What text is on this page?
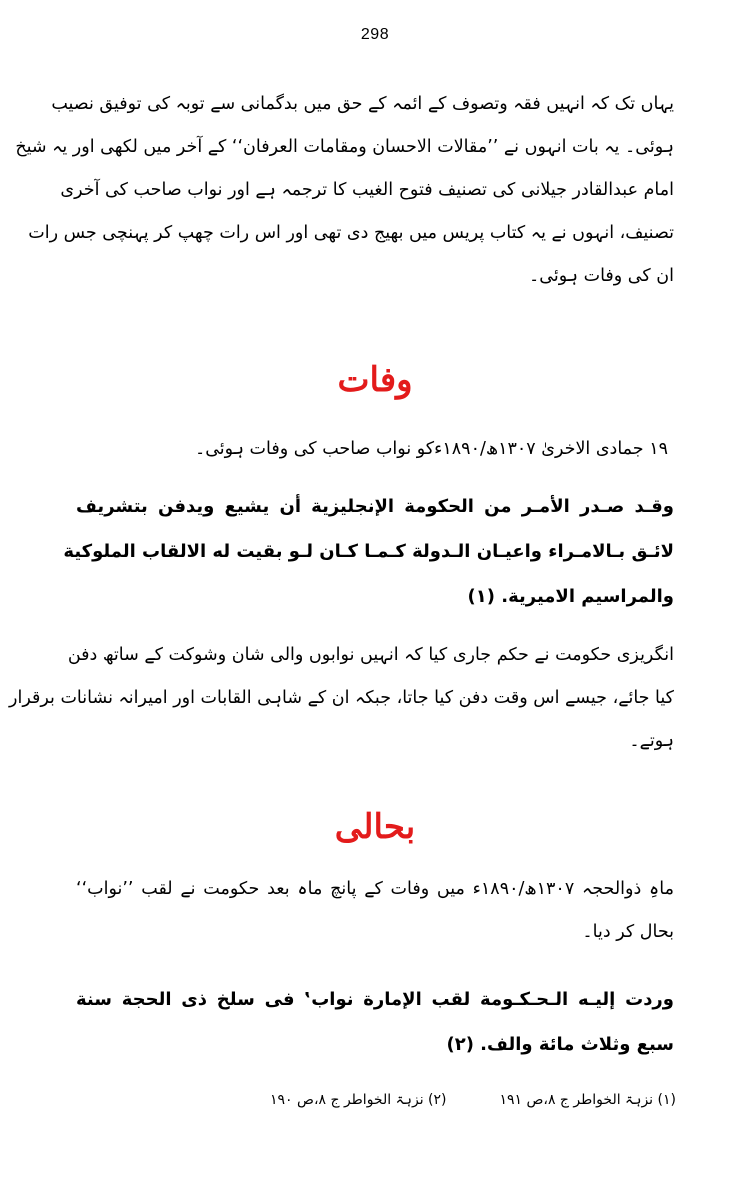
298
یہاں تک کہ انہیں فقہ وتصوف کے ائمہ کے حق میں بدگمانی سے توبہ کی توفیق نصیب
ہوئی۔ یہ بات انہوں نے ’’مقالات الاحسان ومقامات العرفان‘‘ کے آخر میں لکھی اور یہ شیخ
امام عبدالقادر جیلانی کی تصنیف فتوح الغیب کا ترجمہ ہے اور نواب صاحب کی آخری
تصنیف، انہوں نے یہ کتاب پریس میں بھیج دی تھی اور اس رات چھپ کر پہنچی جس رات
ان کی وفات ہوئی۔
وفات
۱۹ جمادی الاخریٰ ۱۳۰۷ھ/۱۸۹۰ءکو نواب صاحب کی وفات ہوئی۔
وقـد صـدر الأمـر من الحكومة الإنجليزية أن يشيع ويدفن بتشريف
لائـق بـالامـراء واعيـان الـدولة كـمـا كـان لـو بقيت له الالقاب الملوكية
والمراسيم الاميرية. (۱)
انگریزی حکومت نے حکم جاری کیا کہ انہیں نوابوں والی شان وشوکت کے ساتھ دفن
کیا جائے، جیسے اس وقت دفن کیا جاتا، جبکہ ان کے شاہی القابات اور امیرانہ نشانات برقرار
ہوتے۔
بحالی
ماہِ ذوالحجہ ۱۳۰۷ھ/۱۸۹۰ء میں وفات کے پانچ ماہ بعد حکومت نے لقب ’’نواب‘‘
بحال کر دیا۔
وردت إليـه الـحـكـومة لقب الإمارة نواب‛ فی سلخ ذی الحجة سنة
سبع وثلاث مائة والف. (۲)
(۱) نزہۃ الخواطر ج ۸،ص ۱۹۱
(۲) نزہۃ الخواطر ج ۸،ص ۱۹۰
